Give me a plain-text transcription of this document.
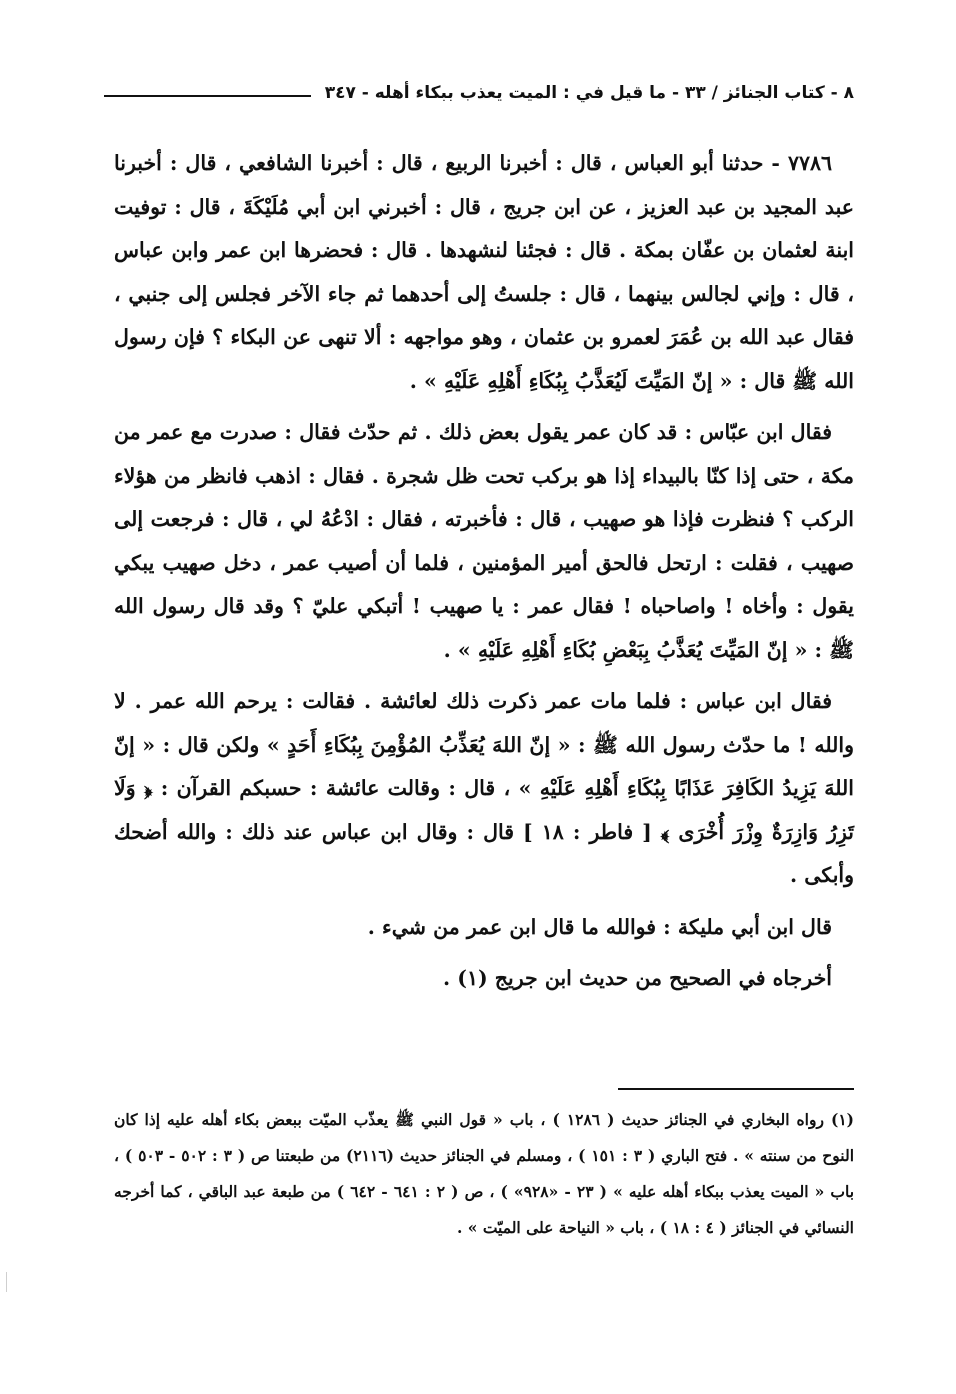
٨ - كتاب الجنائز / ٣٣ - ما قيل في : الميت يعذب ببكاء أهله - ٣٤٧

٧٧٨٦ - حدثنا أبو العباس ، قال : أخبرنا الربيع ، قال : أخبرنا الشافعي ، قال : أخبرنا عبد المجيد بن عبد العزيز ، عن ابن جريج ، قال : أخبرني ابن أبي مُلَيْكَةَ ، قال : توفيت ابنة لعثمان بن عفّان بمكة . قال : فجئنا لنشهدها . قال : فحضرها ابن عمر وابن عباس ، قال : وإني لجالس بينهما ، قال : جلستُ إلى أحدهما ثم جاء الآخر فجلس إلى جنبي ، فقال عبد الله بن عُمَرَ لعمرو بن عثمان ، وهو مواجهه : ألا تنهى عن البكاء ؟ فإن رسول الله ﷺ قال : « إنّ المَيِّتَ لَيُعَذَّبُ بِبُكَاءِ أَهْلِهِ عَلَيْهِ » .

فقال ابن عبّاس : قد كان عمر يقول بعض ذلك . ثم حدّث فقال : صدرت مع عمر من مكة ، حتى إذا كنّا بالبيداء إذا هو بركب تحت ظل شجرة . فقال : اذهب فانظر من هؤلاء الركب ؟ فنظرت فإذا هو صهيب ، قال : فأخبرته ، فقال : ادْعُهُ لي ، قال : فرجعت إلى صهيب ، فقلت : ارتحل فالحق أمير المؤمنين ، فلما أن أصيب عمر ، دخل صهيب يبكي يقول : وأخاه ! واصاحباه ! فقال عمر : يا صهيب ! أتبكي عليّ ؟ وقد قال رسول الله ﷺ : « إنّ المَيِّتَ يُعَذَّبُ بِبَعْضِ بُكَاءِ أَهْلِهِ عَلَيْهِ » .

فقال ابن عباس : فلما مات عمر ذكرت ذلك لعائشة . فقالت : يرحم الله عمر . لا والله ! ما حدّث رسول الله ﷺ : « إنّ اللهَ يُعَذِّبُ المُؤْمِنَ بِبُكَاءِ أَحَدٍ » ولكن قال : « إنّ اللهَ يَزِيدُ الكَافِرَ عَذَابًا بِبُكَاءِ أَهْلِهِ عَلَيْهِ » ، قال : وقالت عائشة : حسبكم القرآن : ﴿ وَلَا تَزِرُ وَازِرَةٌ وِزْرَ أُخْرَى ﴾ [ فاطر : ١٨ ] قال : وقال ابن عباس عند ذلك : والله أضحك وأبكى .

قال ابن أبي مليكة : فوالله ما قال ابن عمر من شيء .

أخرجاه في الصحيح من حديث ابن جريج (١) .

(١) رواه البخاري في الجنائز حديث ( ١٢٨٦ ) ، باب « قول النبي ﷺ يعذّب الميّت ببعض بكاء أهله عليه إذا كان النوح من سنته » . فتح الباري ( ٣ : ١٥١ ) ، ومسلم في الجنائز حديث (٢١١٦) من طبعتنا ص ( ٣ : ٥٠٢ - ٥٠٣ ) ، باب « الميت يعذب ببكاء أهله عليه » ( ٢٣ - «٩٢٨» ) ، ص ( ٢ : ٦٤١ - ٦٤٢ ) من طبعة عبد الباقي ، كما أخرجه النسائي في الجنائز ( ٤ : ١٨ ) ، باب « النياحة على الميّت » .
